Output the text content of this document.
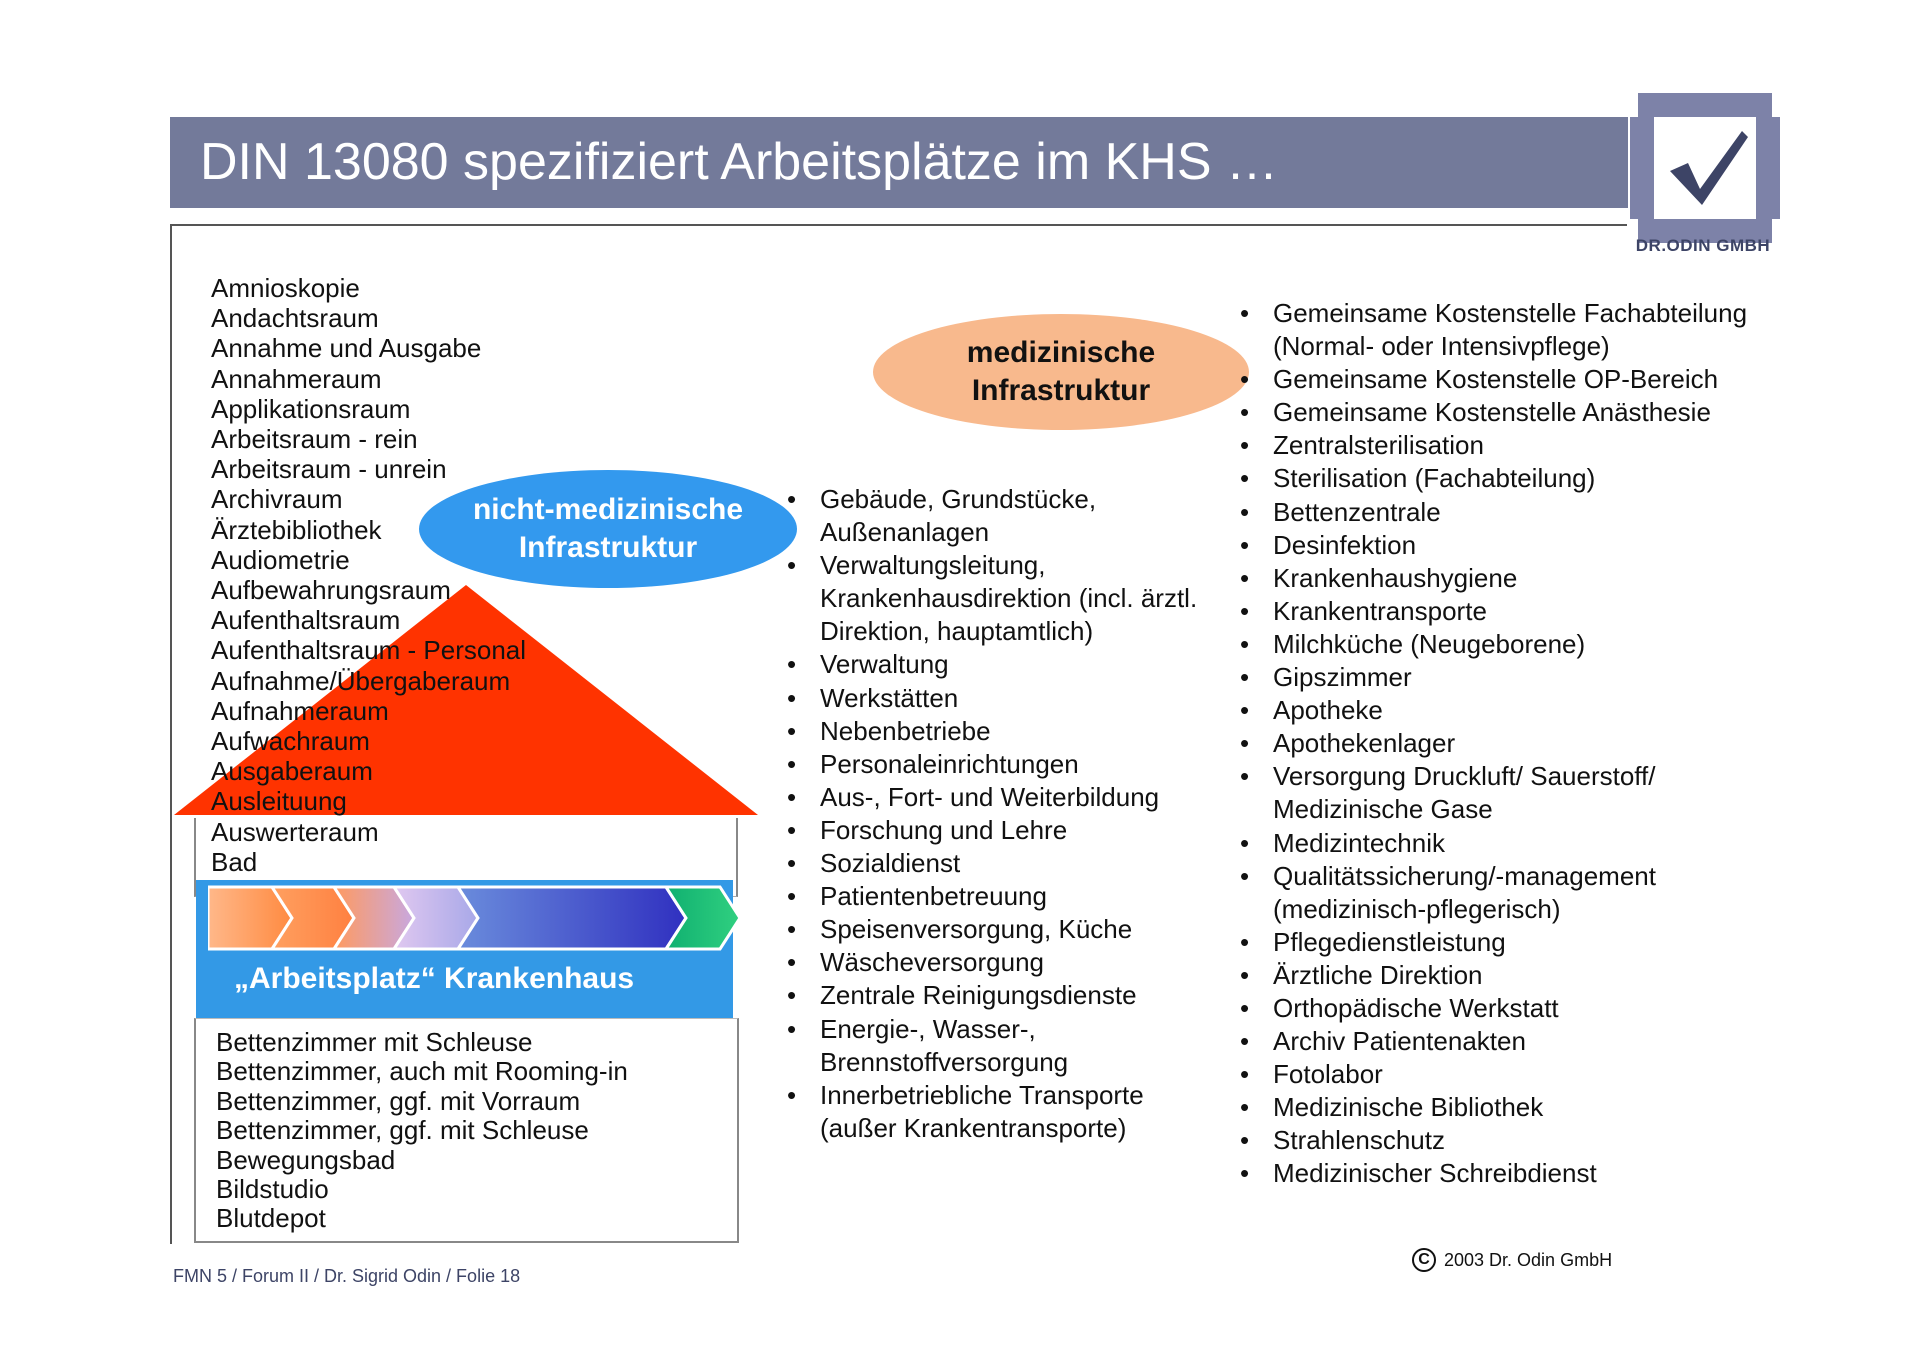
DIN 13080 spezifiziert Arbeitsplätze im KHS …
DR.ODIN GMBH
Amnioskopie
Andachtsraum
Annahme und Ausgabe
Annahmeraum
Applikationsraum
Arbeitsraum - rein
Arbeitsraum - unrein
Archivraum
Ärztebibliothek
Audiometrie
Aufbewahrungsraum
Aufenthaltsraum
Aufenthaltsraum - Personal
Aufnahme/Übergaberaum
Aufnahmeraum
Aufwachraum
Ausgaberaum
Ausleituung
Auswerteraum
Bad
„Arbeitsplatz“ Krankenhaus
Bettenzimmer mit Schleuse
Bettenzimmer, auch mit Rooming-in
Bettenzimmer, ggf. mit Vorraum
Bettenzimmer, ggf. mit Schleuse
Bewegungsbad
Bildstudio
Blutdepot
nicht-medizinische
Infrastruktur
medizinische
Infrastruktur
• Gebäude, Grundstücke, Außenanlagen
• Verwaltungsleitung, Krankenhausdirektion (incl. ärztl. Direktion, hauptamtlich)
• Verwaltung
• Werkstätten
• Nebenbetriebe
• Personaleinrichtungen
• Aus-, Fort- und Weiterbildung
• Forschung und Lehre
• Sozialdienst
• Patientenbetreuung
• Speisenversorgung, Küche
• Wäscheversorgung
• Zentrale Reinigungsdienste
• Energie-, Wasser-, Brennstoffversorgung
• Innerbetriebliche Transporte (außer Krankentransporte)
• Gemeinsame Kostenstelle Fachabteilung (Normal- oder Intensivpflege)
• Gemeinsame Kostenstelle OP-Bereich
• Gemeinsame Kostenstelle Anästhesie
• Zentralsterilisation
• Sterilisation (Fachabteilung)
• Bettenzentrale
• Desinfektion
• Krankenhaushygiene
• Krankentransporte
• Milchküche (Neugeborene)
• Gipszimmer
• Apotheke
• Apothekenlager
• Versorgung Druckluft/ Sauerstoff/ Medizinische Gase
• Medizintechnik
• Qualitätssicherung/-management (medizinisch-pflegerisch)
• Pflegedienstleistung
• Ärztliche Direktion
• Orthopädische Werkstatt
• Archiv Patientenakten
• Fotolabor
• Medizinische Bibliothek
• Strahlenschutz
• Medizinischer Schreibdienst
FMN 5 / Forum II / Dr. Sigrid Odin / Folie 18
C 2003 Dr. Odin GmbH
